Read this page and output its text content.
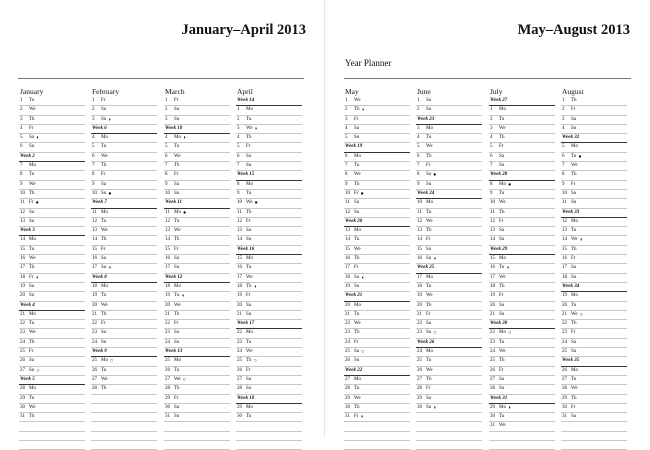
January–April 2013
January
1	Tu
2	We
3	Th
4	Fr
5	Sa ◗
6	Su
Week 2
7	Mo
8	Tu
9	We
10 Th
11 Fr ●
12 Sa
13 Su
Week 3
14 Mo
15 Tu
16 We
17 Th
18 Fr ◖
19 Sa
20 Su
Week 4
21 Mo
22 Tu
23 We
24 Th
25 Fr
26 Sa
27 Su ○
Week 5
28 Mo
29 Tu
30 We
31 Th
February
1	Fr
2	Sa
3	Su ◗
Week 6
4	Mo
5	Tu
6	We
7	Th
8	Fr
9	Sa
10 Su ●
Week 7
11 Mo
12 Tu
13 We
14 Th
15 Fr
16 Sa
17 Su ◖
Week 8
18 Mo
19 Tu
20 We
21 Th
22 Fr
23 Sa
24 Su
Week 9
25 Mo ○
26 Tu
27 We
28 Th
March
1	Fr
2	Sa
3	Su
Week 10
4	Mo ◗
5	Tu
6	We
7	Th
8	Fr
9	Sa
10 Su
Week 11
11 Mo ●
12 Tu
13 We
14 Th
15 Fr
16 Sa
17 Su
Week 12
18 Mo
19 Tu ◖
20 We
21 Th
22 Fr
23 Sa
24 Su
Week 13
25 Mo
26 Tu
27 We ○
28 Th
29 Fr
30 Sa
31 Su
April
Week 14
1	Mo
2	Tu
3	We ◗
4	Th
5	Fr
6	Sa
7	Su
Week 15
8	Mo
9	Tu
10 We ●
11 Th
12 Fr
13 Sa
14 Su
Week 16
15 Mo
16 Tu
17 We
18 Th ◖
19 Fr
20 Sa
21 Su
Week 17
22 Mo
23 Tu
24 We
25 Th ○
26 Fr
27 Sa
28 Su
Week 18
29 Mo
30 Tu
May–August 2013
Year Planner
May
1	We
2	Th ◗
3	Fr
4	Sa
5	Su
Week 19
6	Mo
7	Tu
8	We
9	Th
10 Fr ●
11 Sa
12 Su
Week 20
13 Mo
14 Tu
15 We
16 Th
17 Fr
18 Sa ◖
19 Su
Week 21
20 Mo
21 Tu
22 We
23 Th
24 Fr
25 Sa ○
26 Su
Week 22
27 Mo
28 Tu
29 We
30 Th
31 Fr ◗
June
1	Sa
2	Su
Week 23
3	Mo
4	Tu
5	We
6	Th
7	Fr
8	Sa ●
9	Su
Week 24
10 Mo
11 Tu
12 We
13 Th
14 Fr
15 Sa
16 Su ◖
Week 25
17 Mo
18 Tu
19 We
20 Th
21 Fr
22 Sa
23 Su ○
Week 26
24 Mo
25 Tu
26 We
27 Th
28 Fr
29 Sa
30 Su ◗
July
Week 27
1	Mo
2	Tu
3	We
4	Th
5	Fr
6	Sa
7	Su
Week 28
8	Mo ●
9	Tu
10 We
11 Th
12 Fr
13 Sa
14 Su
Week 29
15 Mo
16 Tu ◖
17 We
18 Th
19 Fr
20 Sa
21 Su
Week 30
22 Mo ○
23 Tu
24 We
25 Th
26 Fr
27 Sa
28 Su
Week 31
29 Mo ◗
30 Tu
31 We
August
1	Th
2	Fr
3	Sa
4	Su
Week 32
5	Mo
6	Tu ●
7	We
8	Th
9	Fr
10 Sa
11 Su
Week 33
12 Mo
13 Tu
14 We ◖
15 Th
16 Fr
17 Sa
18 Su
Week 34
19 Mo
20 Tu
21 We ○
22 Th
23 Fr
24 Sa
25 Su
Week 35
26 Mo
27 Tu
28 We
29 Th
30 Fr
31 Sa
